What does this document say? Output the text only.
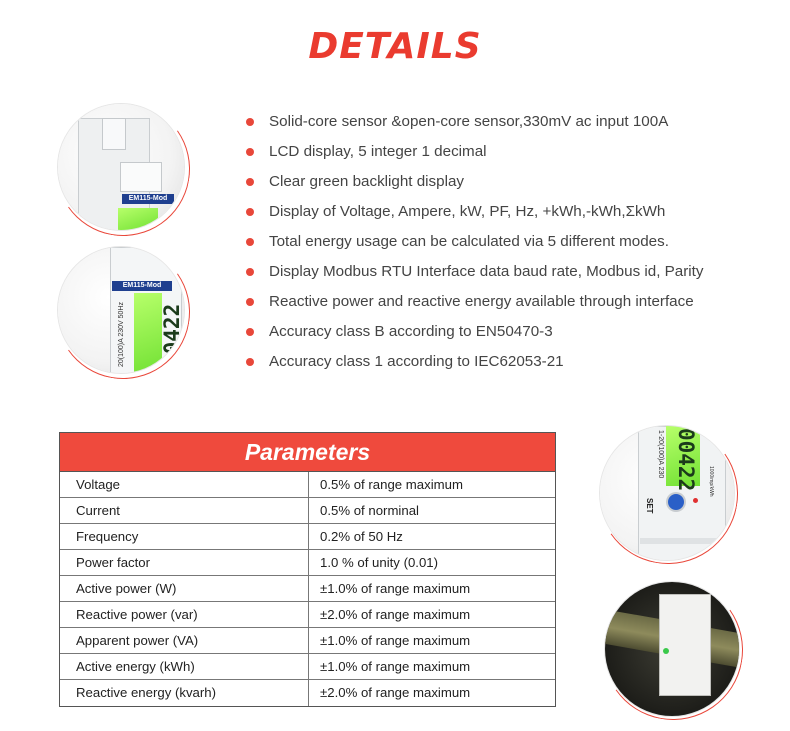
DETAILS
EM115-Mod
EM115-Mod
20(100)A 230V 50Hz 00422
Solid-core sensor &open-core sensor,330mV ac input 100A
LCD display, 5 integer 1 decimal
Clear green backlight display
Display of Voltage, Ampere, kW, PF, Hz, +kWh,-kWh,ΣkWh
Total energy usage can be calculated via 5 different modes.
Display Modbus RTU Interface data baud rate, Modbus id, Parity
Reactive power and reactive energy available through interface
Accuracy class B according to EN50470-3
Accuracy class 1 according to IEC62053-21
Parameters
Voltage	0.5% of range maximum
Current	0.5% of norminal
Frequency	0.2% of 50 Hz
Power factor	1.0 % of unity (0.01)
Active power (W)	±1.0% of range maximum
Reactive power (var)	±2.0% of range maximum
Apparent power (VA)	±1.0% of range maximum
Active energy (kWh)	±1.0% of range maximum
Reactive energy (kvarh)	±2.0% of range maximum
00422
1-20(100)A 230
1000imp/kWh
SET
